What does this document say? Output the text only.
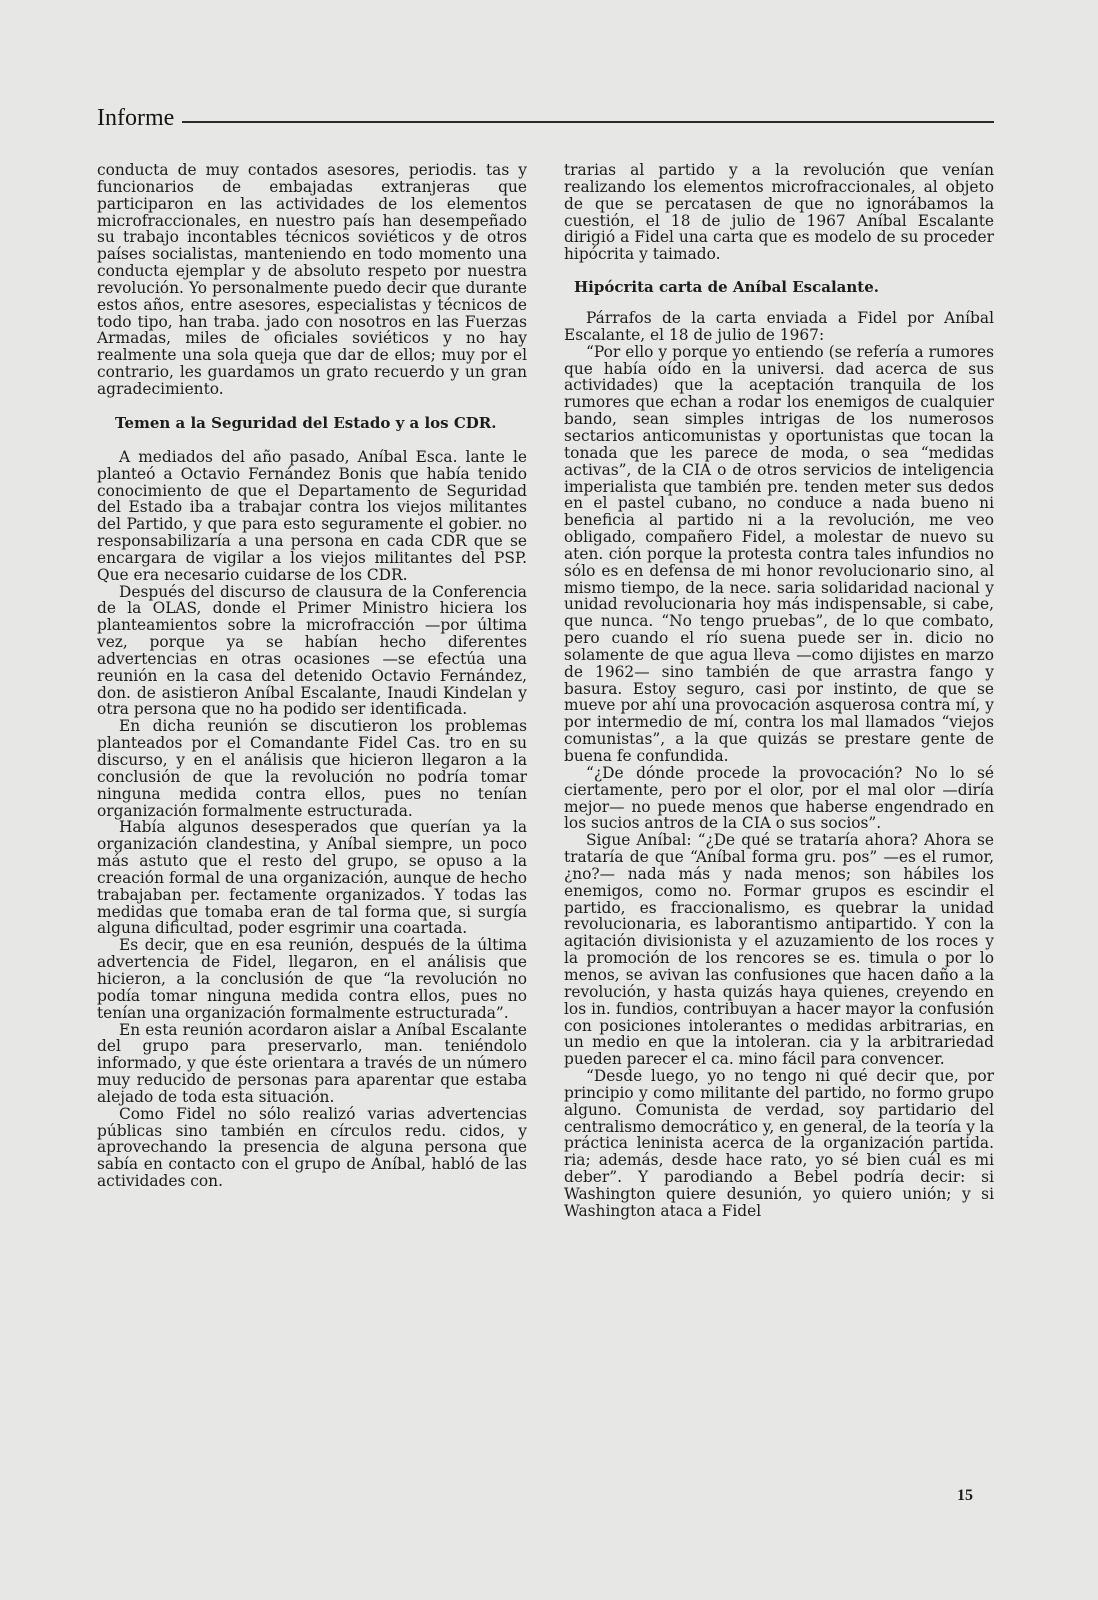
Informe

conducta de muy contados asesores, periodis. tas y funcionarios de embajadas extranjeras que participaron en las actividades de los elementos microfraccionales, en nuestro país han desempeñado su trabajo incontables técnicos soviéticos y de otros países socialistas, manteniendo en todo momento una conducta ejemplar y de absoluto respeto por nuestra revolución. Yo personalmente puedo decir que durante estos años, entre asesores, especialistas y técnicos de todo tipo, han traba. jado con nosotros en las Fuerzas Armadas, miles de oficiales soviéticos y no hay realmente una sola queja que dar de ellos; muy por el contrario, les guardamos un grato recuerdo y un gran agradecimiento.

Temen a la Seguridad del Estado y a los CDR.

A mediados del año pasado, Aníbal Esca. lante le planteó a Octavio Fernández Bonis que había tenido conocimiento de que el Departamento de Seguridad del Estado iba a trabajar contra los viejos militantes del Partido, y que para esto seguramente el gobier. no responsabilizaría a una persona en cada CDR que se encargara de vigilar a los viejos militantes del PSP. Que era necesario cuidarse de los CDR.

Después del discurso de clausura de la Conferencia de la OLAS, donde el Primer Ministro hiciera los planteamientos sobre la microfracción —por última vez, porque ya se habían hecho diferentes advertencias en otras ocasiones —se efectúa una reunión en la casa del detenido Octavio Fernández, don. de asistieron Aníbal Escalante, Inaudi Kindelan y otra persona que no ha podido ser identificada.

En dicha reunión se discutieron los problemas planteados por el Comandante Fidel Cas. tro en su discurso, y en el análisis que hicieron llegaron a la conclusión de que la revolución no podría tomar ninguna medida contra ellos, pues no tenían organización formalmente estructurada.

Había algunos desesperados que querían ya la organización clandestina, y Aníbal siempre, un poco más astuto que el resto del grupo, se opuso a la creación formal de una organización, aunque de hecho trabajaban per. fectamente organizados. Y todas las medidas que tomaba eran de tal forma que, si surgía alguna dificultad, poder esgrimir una coartada.

Es decir, que en esa reunión, después de la última advertencia de Fidel, llegaron, en el análisis que hicieron, a la conclusión de que “la revolución no podía tomar ninguna medida contra ellos, pues no tenían una organización formalmente estructurada”.

En esta reunión acordaron aislar a Aníbal Escalante del grupo para preservarlo, man. teniéndolo informado, y que éste orientara a través de un número muy reducido de personas para aparentar que estaba alejado de toda esta situación.

Como Fidel no sólo realizó varias advertencias públicas sino también en círculos redu. cidos, y aprovechando la presencia de alguna persona que sabía en contacto con el grupo de Aníbal, habló de las actividades con.

trarias al partido y a la revolución que venían realizando los elementos microfraccionales, al objeto de que se percatasen de que no ignorábamos la cuestión, el 18 de julio de 1967 Aníbal Escalante dirigió a Fidel una carta que es modelo de su proceder hipócrita y taimado.

Hipócrita carta de Aníbal Escalante.

Párrafos de la carta enviada a Fidel por Aníbal Escalante, el 18 de julio de 1967:

“Por ello y porque yo entiendo (se refería a rumores que había oído en la universi. dad acerca de sus actividades) que la aceptación tranquila de los rumores que echan a rodar los enemigos de cualquier bando, sean simples intrigas de los numerosos sectarios anticomunistas y oportunistas que tocan la tonada que les parece de moda, o sea “medidas activas”, de la CIA o de otros servicios de inteligencia imperialista que también pre. tenden meter sus dedos en el pastel cubano, no conduce a nada bueno ni beneficia al partido ni a la revolución, me veo obligado, compañero Fidel, a molestar de nuevo su aten. ción porque la protesta contra tales infundios no sólo es en defensa de mi honor revolucionario sino, al mismo tiempo, de la nece. saria solidaridad nacional y unidad revolucionaria hoy más indispensable, si cabe, que nunca. “No tengo pruebas”, de lo que combato, pero cuando el río suena puede ser in. dicio no solamente de que agua lleva —como dijistes en marzo de 1962— sino también de que arrastra fango y basura. Estoy seguro, casi por instinto, de que se mueve por ahí una provocación asquerosa contra mí, y por intermedio de mí, contra los mal llamados “viejos comunistas”, a la que quizás se prestare gente de buena fe confundida.

“¿De dónde procede la provocación? No lo sé ciertamente, pero por el olor, por el mal olor —diría mejor— no puede menos que haberse engendrado en los sucios antros de la CIA o sus socios”.

Sigue Aníbal: “¿De qué se trataría ahora? Ahora se trataría de que “Aníbal forma gru. pos” —es el rumor, ¿no?— nada más y nada menos; son hábiles los enemigos, como no. Formar grupos es escindir el partido, es fraccionalismo, es quebrar la unidad revolucionaria, es laborantismo antipartido. Y con la agitación divisionista y el azuzamiento de los roces y la promoción de los rencores se es. timula o por lo menos, se avivan las confusiones que hacen daño a la revolución, y hasta quizás haya quienes, creyendo en los in. fundios, contribuyan a hacer mayor la confusión con posiciones intolerantes o medidas arbitrarias, en un medio en que la intoleran. cia y la arbitrariedad pueden parecer el ca. mino fácil para convencer.

“Desde luego, yo no tengo ni qué decir que, por principio y como militante del partido, no formo grupo alguno. Comunista de verdad, soy partidario del centralismo democrático y, en general, de la teoría y la práctica leninista acerca de la organización partida. ria; además, desde hace rato, yo sé bien cuál es mi deber”. Y parodiando a Bebel podría decir: si Washington quiere desunión, yo quiero unión; y si Washington ataca a Fidel

15
